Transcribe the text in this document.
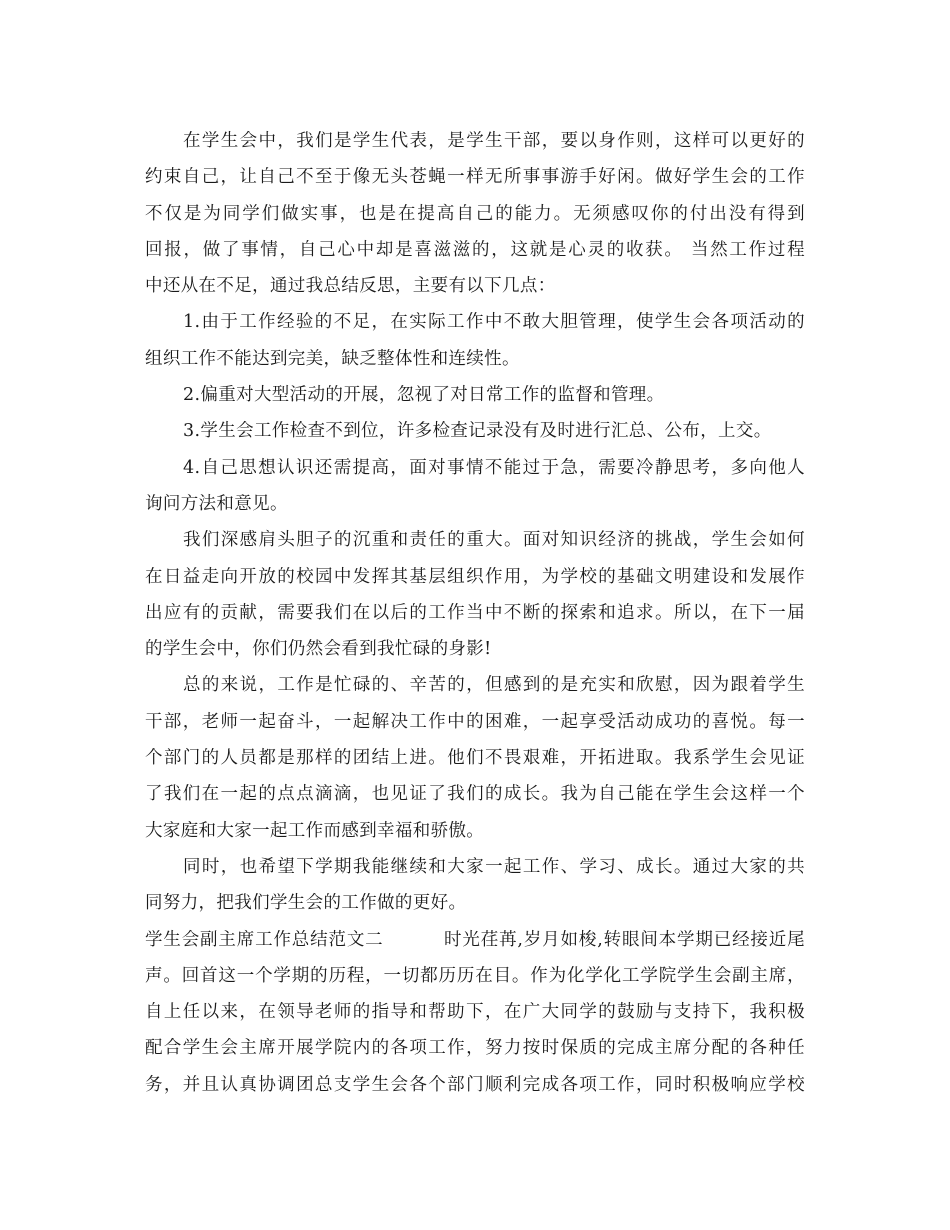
在学生会中，我们是学生代表，是学生干部，要以身作则，这样可以更好的
约束自己，让自己不至于像无头苍蝇一样无所事事游手好闲。做好学生会的工作
不仅是为同学们做实事，也是在提高自己的能力。无须感叹你的付出没有得到
回报，做了事情，自己心中却是喜滋滋的，这就是心灵的收获。 当然工作过程
中还从在不足，通过我总结反思，主要有以下几点：
1.由于工作经验的不足，在实际工作中不敢大胆管理，使学生会各项活动的
组织工作不能达到完美，缺乏整体性和连续性。
2.偏重对大型活动的开展，忽视了对日常工作的监督和管理。
3.学生会工作检查不到位，许多检查记录没有及时进行汇总、公布，上交。
4.自己思想认识还需提高，面对事情不能过于急，需要冷静思考，多向他人
询问方法和意见。
我们深感肩头胆子的沉重和责任的重大。面对知识经济的挑战，学生会如何
在日益走向开放的校园中发挥其基层组织作用，为学校的基础文明建设和发展作
出应有的贡献，需要我们在以后的工作当中不断的探索和追求。所以，在下一届
的学生会中，你们仍然会看到我忙碌的身影!
总的来说，工作是忙碌的、辛苦的，但感到的是充实和欣慰，因为跟着学生
干部，老师一起奋斗，一起解决工作中的困难，一起享受活动成功的喜悦。每一
个部门的人员都是那样的团结上进。他们不畏艰难，开拓进取。我系学生会见证
了我们在一起的点点滴滴，也见证了我们的成长。我为自己能在学生会这样一个
大家庭和大家一起工作而感到幸福和骄傲。
同时，也希望下学期我能继续和大家一起工作、学习、成长。通过大家的共
同努力，把我们学生会的工作做的更好。
学生会副主席工作总结范文二	时光荏苒,岁月如梭,转眼间本学期已经接近尾
声。回首这一个学期的历程，一切都历历在目。作为化学化工学院学生会副主席，
自上任以来，在领导老师的指导和帮助下，在广大同学的鼓励与支持下，我积极
配合学生会主席开展学院内的各项工作，努力按时保质的完成主席分配的各种任
务，并且认真协调团总支学生会各个部门顺利完成各项工作，同时积极响应学校
